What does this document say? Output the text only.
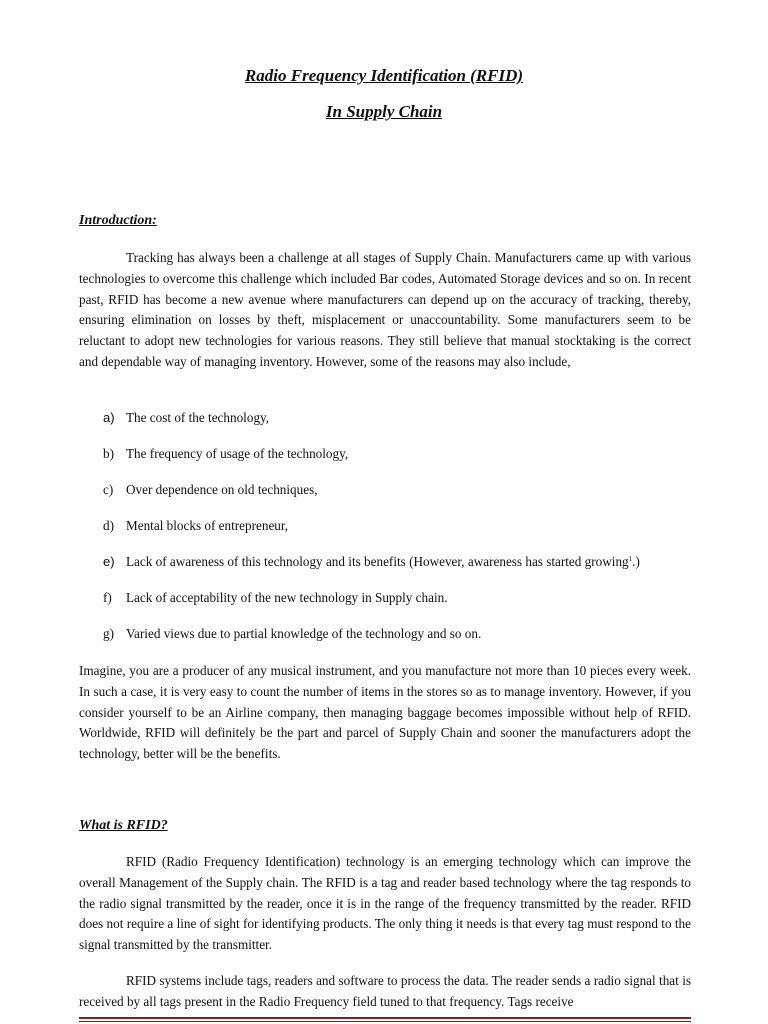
Radio Frequency Identification (RFID)
In Supply Chain
Introduction:

Tracking has always been a challenge at all stages of Supply Chain. Manufacturers came up with various technologies to overcome this challenge which included Bar codes, Automated Storage devices and so on. In recent past, RFID has become a new avenue where manufacturers can depend up on the accuracy of tracking, thereby, ensuring elimination on losses by theft, misplacement or unaccountability. Some manufacturers seem to be reluctant to adopt new technologies for various reasons. They still believe that manual stocktaking is the correct and dependable way of managing inventory. However, some of the reasons may also include,

a) The cost of the technology,
b) The frequency of usage of the technology,
c) Over dependence on old techniques,
d) Mental blocks of entrepreneur,
e) Lack of awareness of this technology and its benefits (However, awareness has started growing$^1$.)
f) Lack of acceptability of the new technology in Supply chain.
g) Varied views due to partial knowledge of the technology and so on.

Imagine, you are a producer of any musical instrument, and you manufacture not more than 10 pieces every week. In such a case, it is very easy to count the number of items in the stores so as to manage inventory. However, if you consider yourself to be an Airline company, then managing baggage becomes impossible without help of RFID. Worldwide, RFID will definitely be the part and parcel of Supply Chain and sooner the manufacturers adopt the technology, better will be the benefits.

What is RFID?

RFID (Radio Frequency Identification) technology is an emerging technology which can improve the overall Management of the Supply chain. The RFID is a tag and reader based technology where the tag responds to the radio signal transmitted by the reader, once it is in the range of the frequency transmitted by the reader. RFID does not require a line of sight for identifying products. The only thing it needs is that every tag must respond to the signal transmitted by the transmitter.

RFID systems include tags, readers and software to process the data. The reader sends a radio signal that is received by all tags present in the Radio Frequency field tuned to that frequency. Tags receive
